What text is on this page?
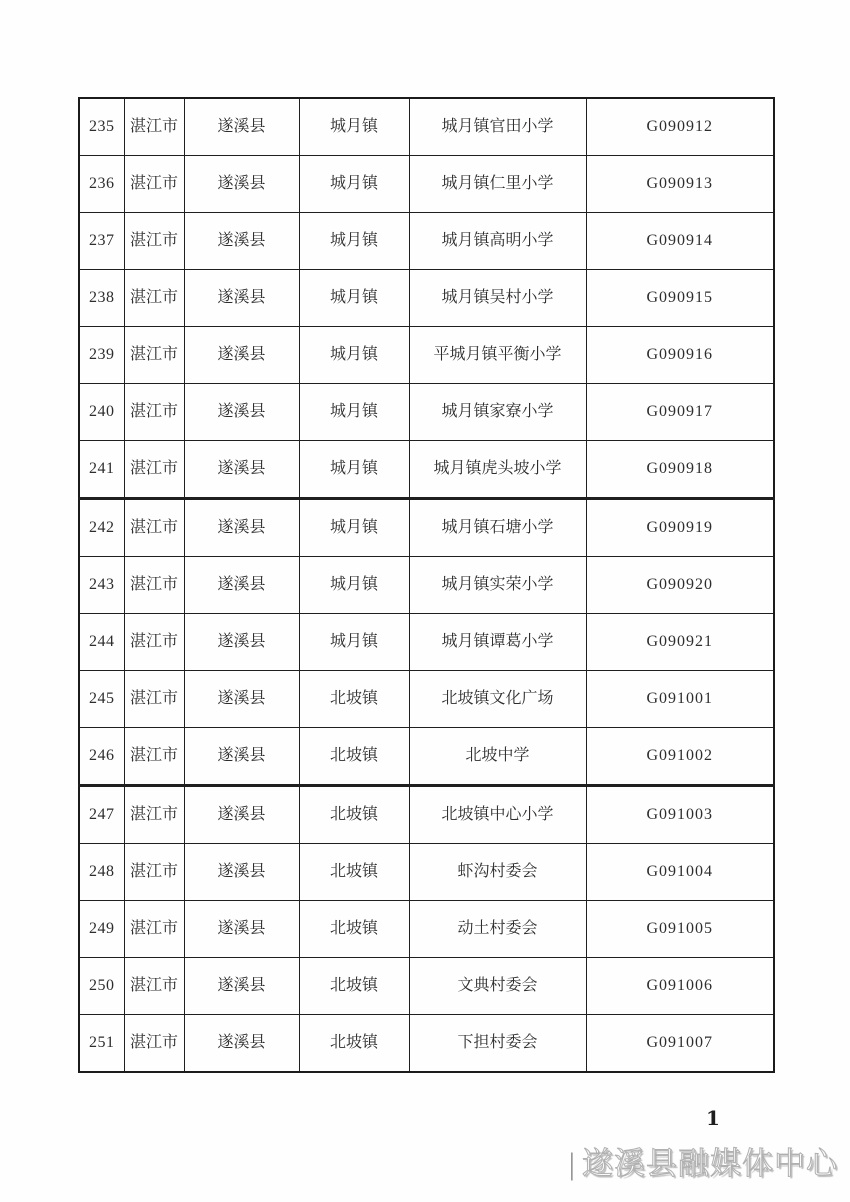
235	湛江市	遂溪县	城月镇	城月镇官田小学	G090912
236	湛江市	遂溪县	城月镇	城月镇仁里小学	G090913
237	湛江市	遂溪县	城月镇	城月镇高明小学	G090914
238	湛江市	遂溪县	城月镇	城月镇吴村小学	G090915
239	湛江市	遂溪县	城月镇	平城月镇平衡小学	G090916
240	湛江市	遂溪县	城月镇	城月镇家寮小学	G090917
241	湛江市	遂溪县	城月镇	城月镇虎头坡小学	G090918
242	湛江市	遂溪县	城月镇	城月镇石塘小学	G090919
243	湛江市	遂溪县	城月镇	城月镇实荣小学	G090920
244	湛江市	遂溪县	城月镇	城月镇谭葛小学	G090921
245	湛江市	遂溪县	北坡镇	北坡镇文化广场	G091001
246	湛江市	遂溪县	北坡镇	北坡中学	G091002
247	湛江市	遂溪县	北坡镇	北坡镇中心小学	G091003
248	湛江市	遂溪县	北坡镇	虾沟村委会	G091004
249	湛江市	遂溪县	北坡镇	动土村委会	G091005
250	湛江市	遂溪县	北坡镇	文典村委会	G091006
251	湛江市	遂溪县	北坡镇	下担村委会	G091007
1
| 遂溪县融媒体中心
